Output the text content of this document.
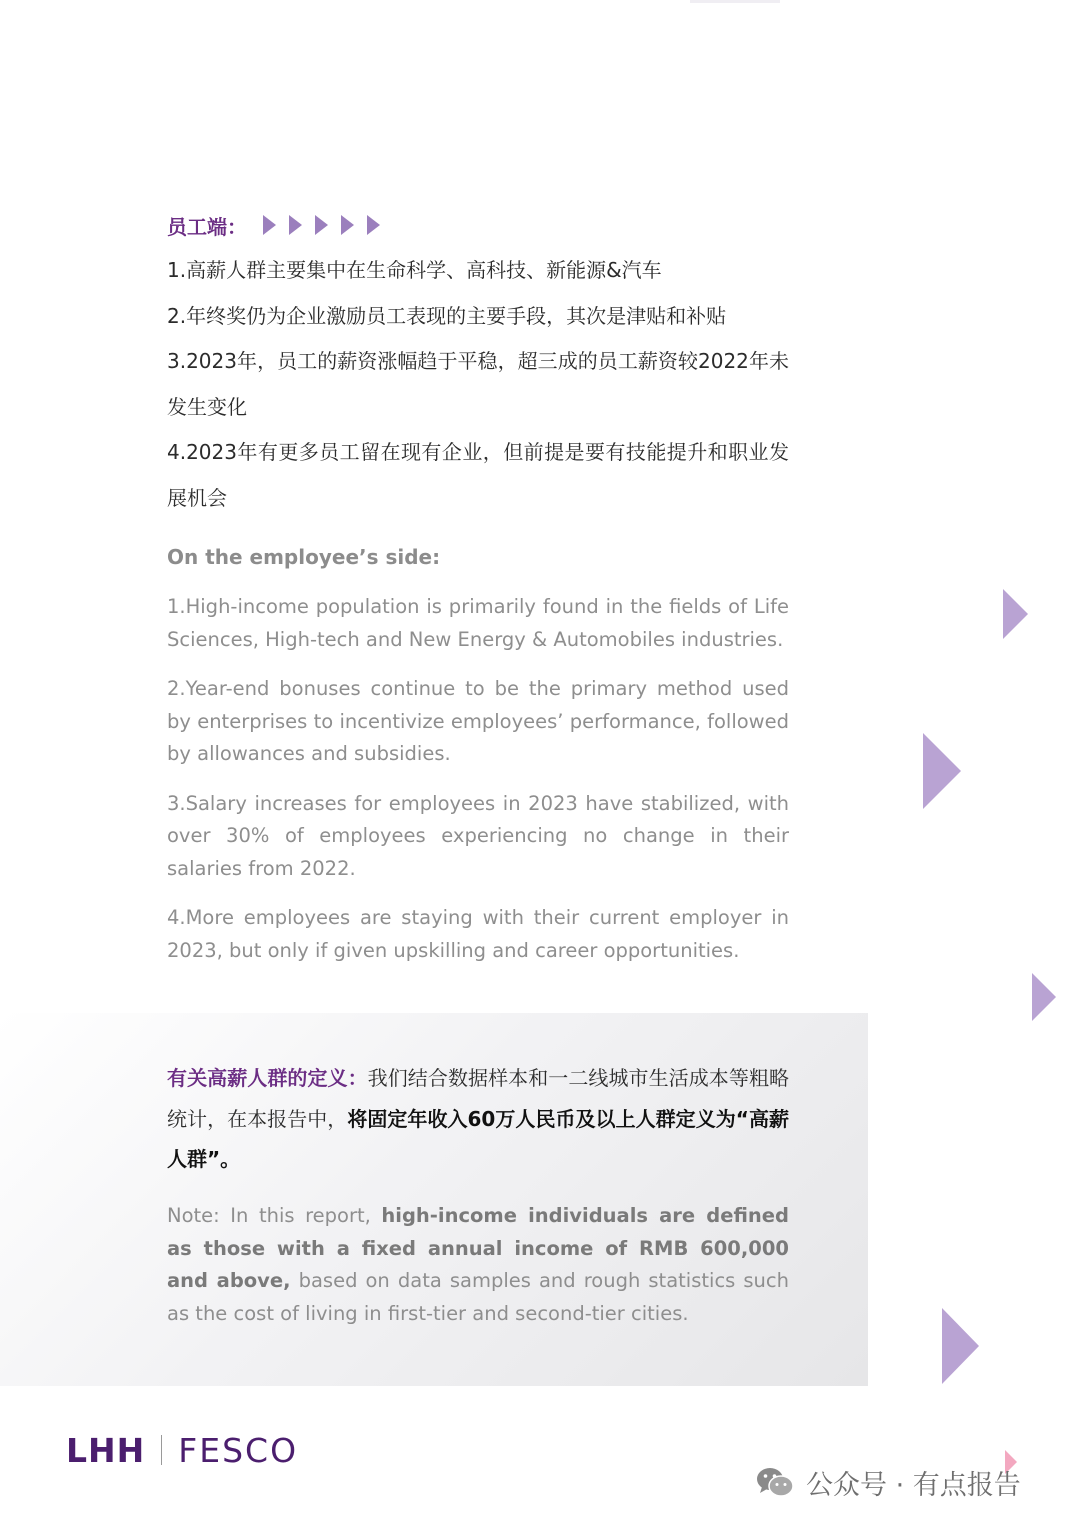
员工端：
1.高薪人群主要集中在生命科学、高科技、新能源&汽车
2.年终奖仍为企业激励员工表现的主要手段，其次是津贴和补贴
3.2023年，员工的薪资涨幅趋于平稳，超三成的员工薪资较2022年未发生变化
4.2023年有更多员工留在现有企业，但前提是要有技能提升和职业发展机会
On the employee’s side:
1.High-income population is primarily found in the fields of Life Sciences, High-tech and New Energy & Automobiles industries.
2.Year-end bonuses continue to be the primary method used by enterprises to incentivize employees’ performance, followed by allowances and subsidies.
3.Salary increases for employees in 2023 have stabilized, with over 30% of employees experiencing no change in their salaries from 2022.
4.More employees are staying with their current employer in 2023, but only if given upskilling and career opportunities.
有关高薪人群的定义：我们结合数据样本和一二线城市生活成本等粗略统计，在本报告中，将固定年收入60万人民币及以上人群定义为“高薪人群”。
Note: In this report, high-income individuals are defined as those with a fixed annual income of RMB 600,000 and above, based on data samples and rough statistics such as the cost of living in first-tier and second-tier cities.
LHH FESCO
公众号 · 有点报告
